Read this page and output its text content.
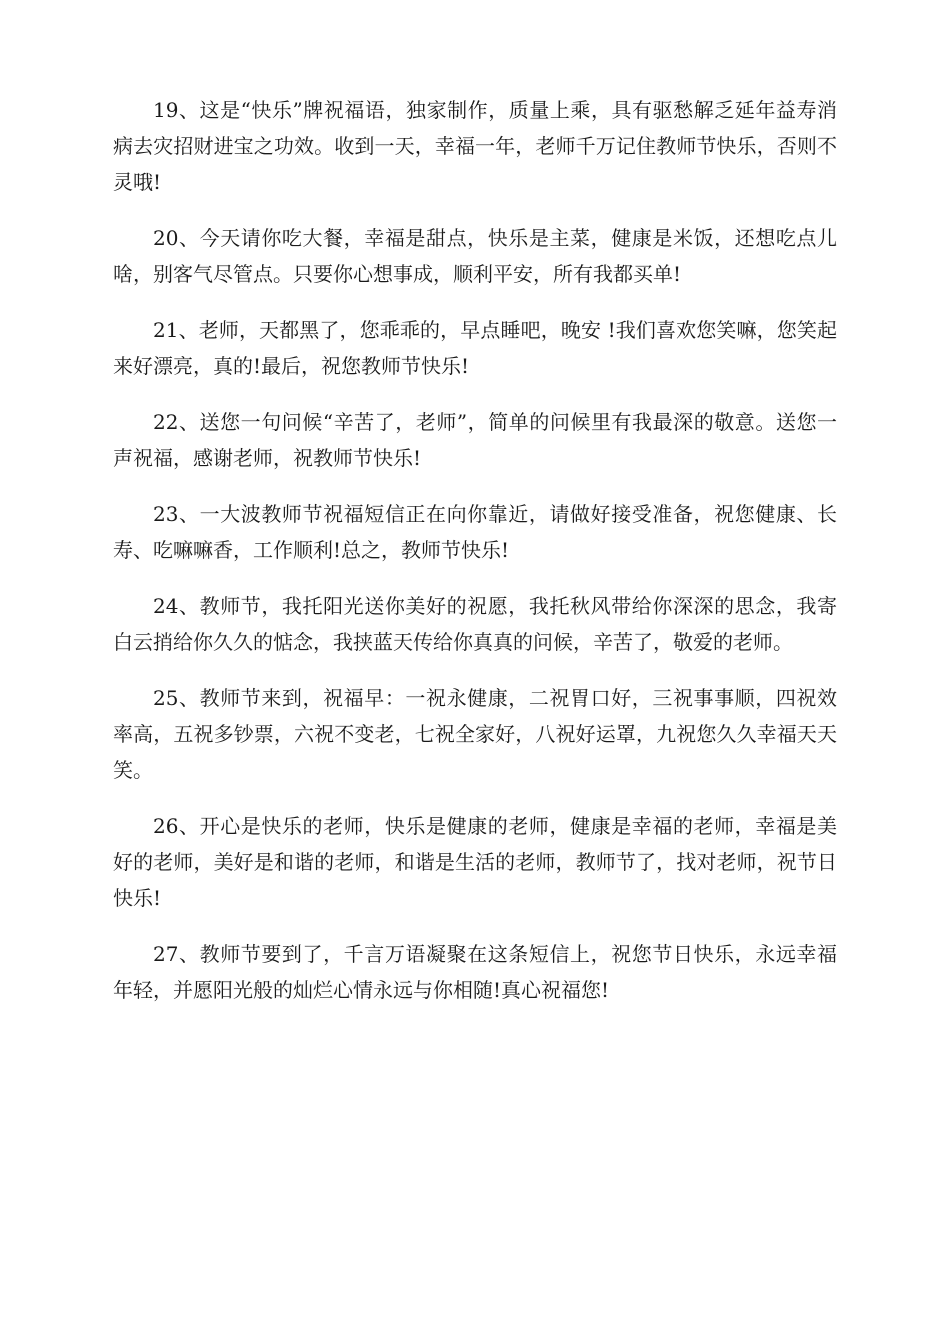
19、这是“快乐”牌祝福语，独家制作，质量上乘，具有驱愁解乏延年益寿消病去灾招财进宝之功效。收到一天，幸福一年，老师千万记住教师节快乐，否则不灵哦!

20、今天请你吃大餐，幸福是甜点，快乐是主菜，健康是米饭，还想吃点儿啥，别客气尽管点。只要你心想事成，顺利平安，所有我都买单!

21、老师，天都黑了，您乖乖的，早点睡吧，晚安 !我们喜欢您笑嘛，您笑起来好漂亮，真的!最后，祝您教师节快乐!

22、送您一句问候“辛苦了，老师”，简单的问候里有我最深的敬意。送您一声祝福，感谢老师，祝教师节快乐!

23、一大波教师节祝福短信正在向你靠近，请做好接受准备，祝您健康、长寿、吃嘛嘛香，工作顺利!总之，教师节快乐!

24、教师节，我托阳光送你美好的祝愿，我托秋风带给你深深的思念，我寄白云捎给你久久的惦念，我挟蓝天传给你真真的问候，辛苦了，敬爱的老师。

25、教师节来到，祝福早：一祝永健康，二祝胃口好，三祝事事顺，四祝效率高，五祝多钞票，六祝不变老，七祝全家好，八祝好运罩，九祝您久久幸福天天笑。

26、开心是快乐的老师，快乐是健康的老师，健康是幸福的老师，幸福是美好的老师，美好是和谐的老师，和谐是生活的老师，教师节了，找对老师，祝节日快乐!

27、教师节要到了，千言万语凝聚在这条短信上，祝您节日快乐，永远幸福年轻，并愿阳光般的灿烂心情永远与你相随!真心祝福您!
